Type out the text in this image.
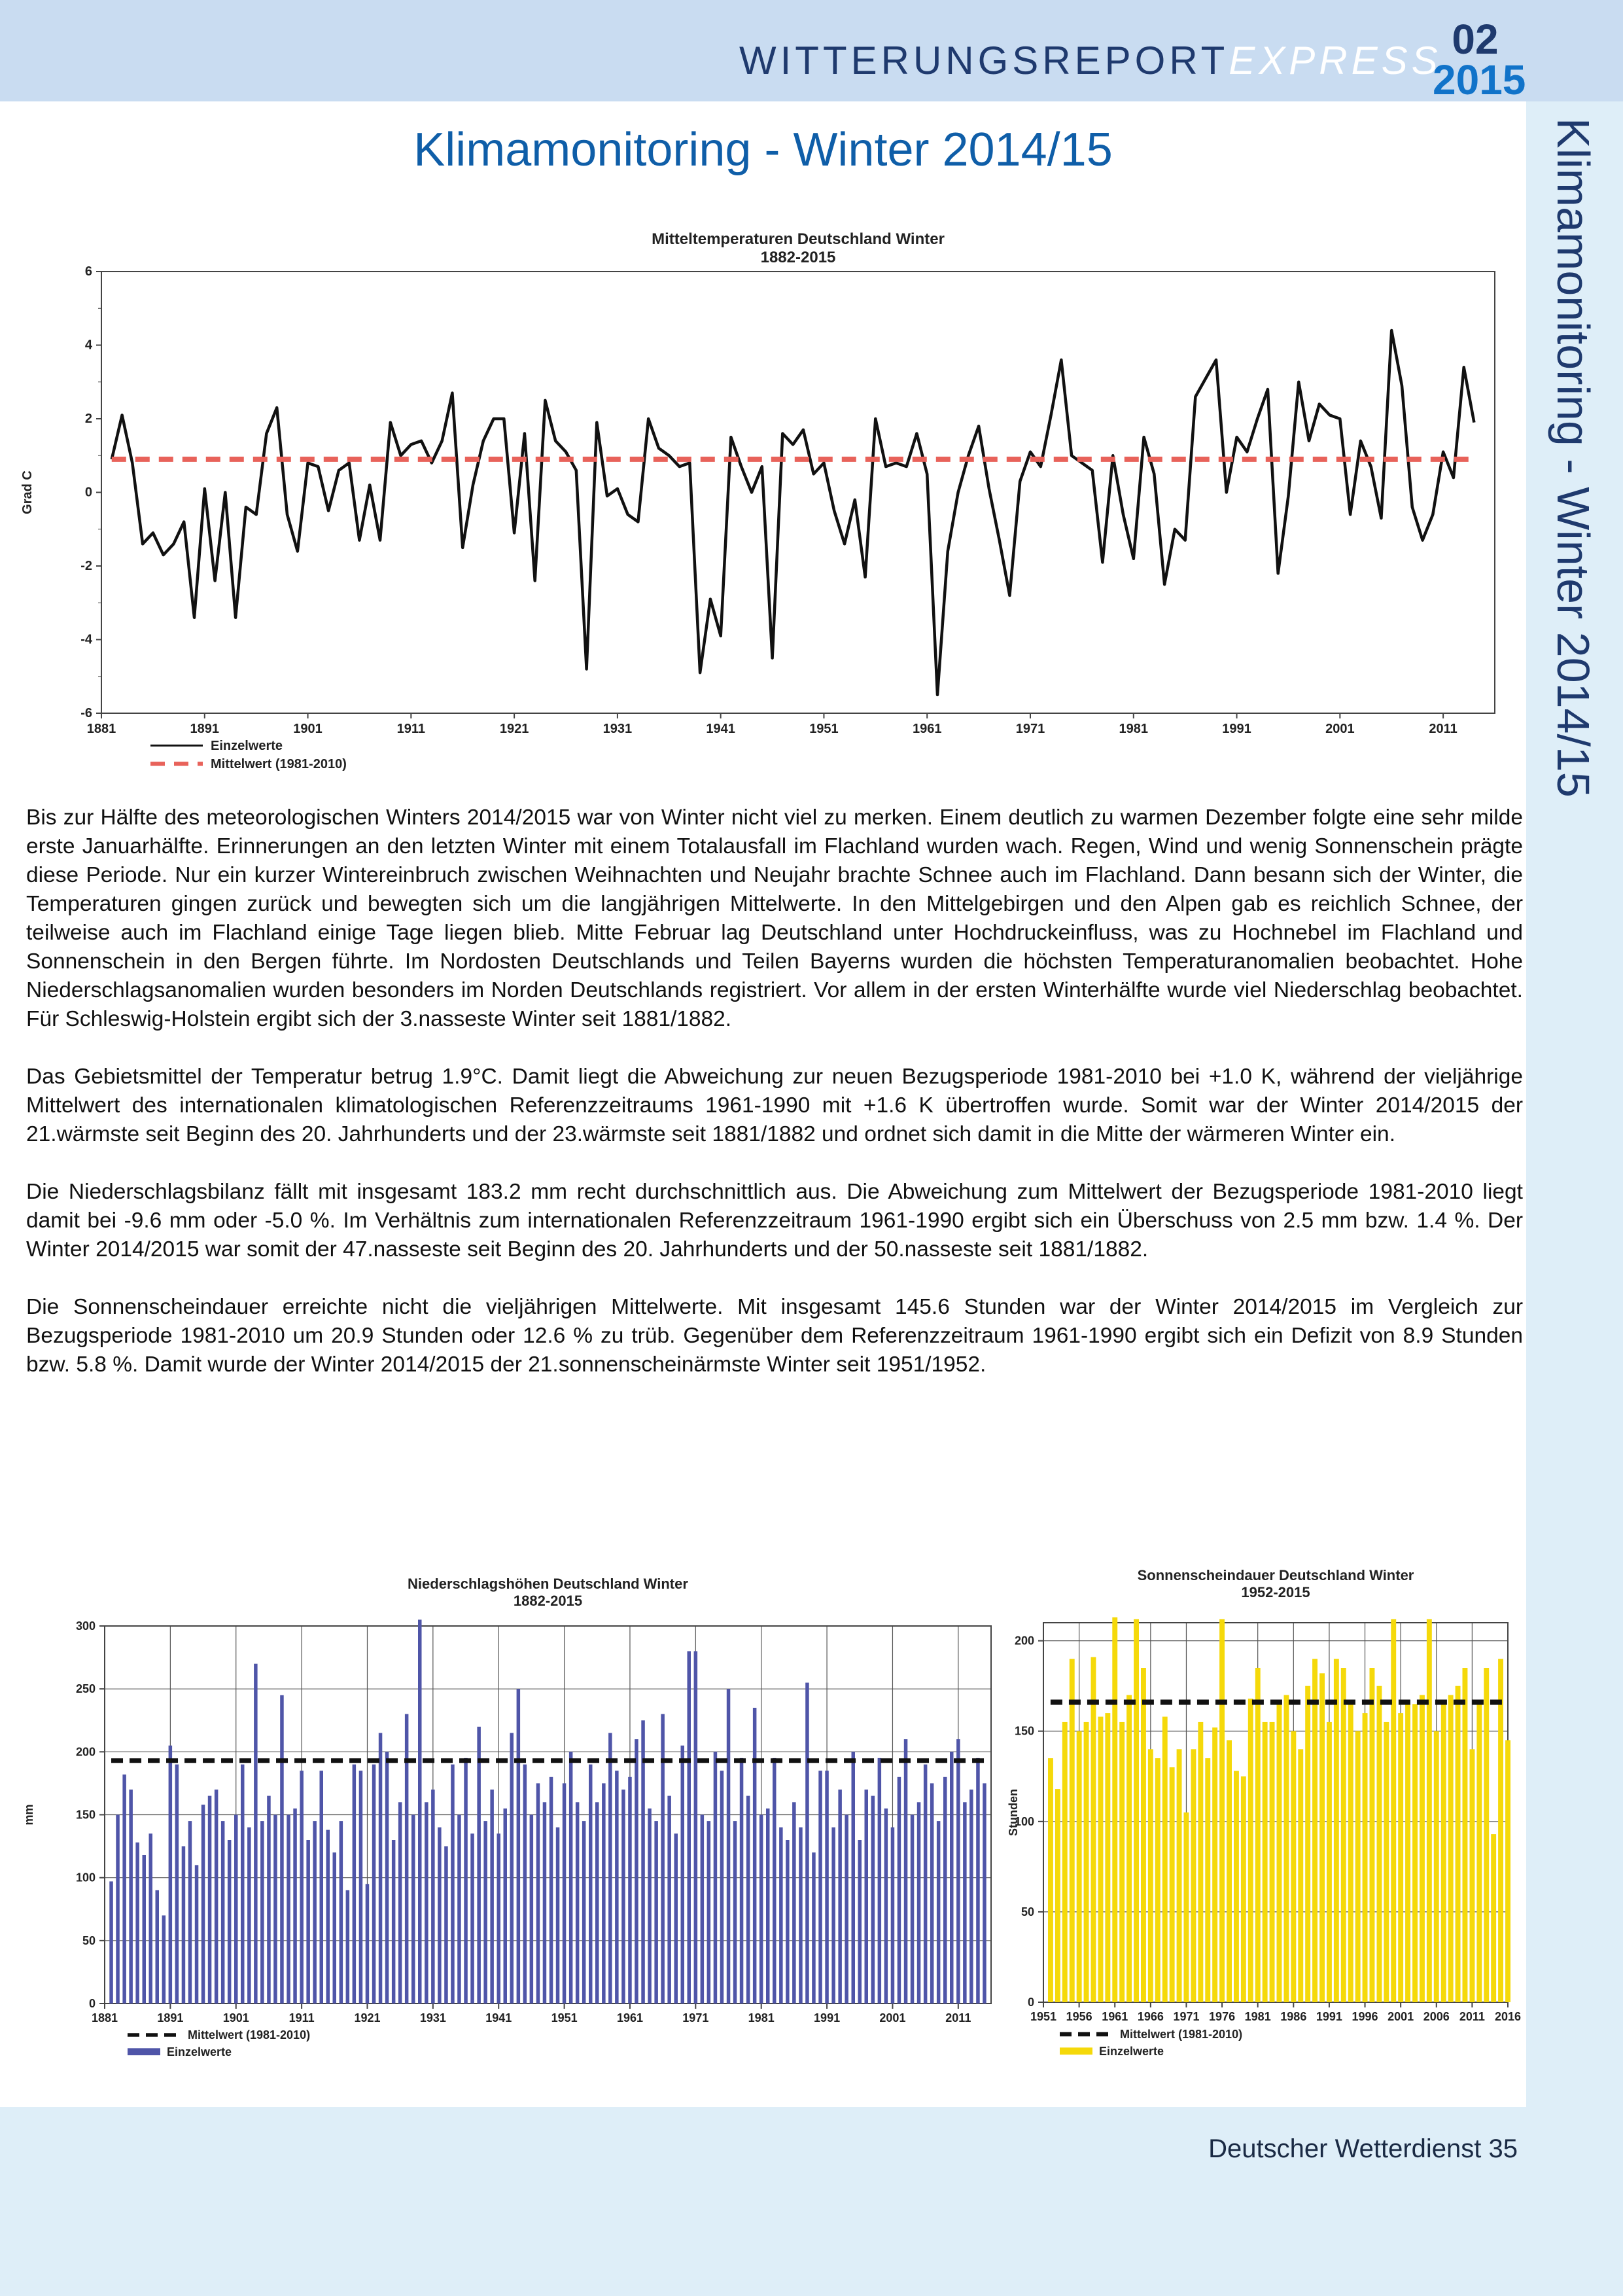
WITTERUNGSREPORTEXPRESS 02
2015
Klimamonitoring - Winter 2014/15	Klimamonitoring - Winter 2014/15
Mitteltemperaturen Deutschland Winter
1882-2015
-6
-4
-2
0
2
4
6
1881	1891	1901	1911	1921	1931	1941	1951	1961	1971	1981	1991	2001	2011
Grad C
Einzelwerte
Mittelwert (1981-2010)

Bis zur Hälfte des meteorologischen Winters 2014/2015 war von Winter nicht viel zu merken. Einem deutlich zu warmen Dezember folgte eine sehr milde erste Januarhälfte. Erinnerungen an den letzten Winter mit einem Totalausfall im Flachland wurden wach. Regen, Wind und wenig Sonnenschein prägte diese Periode. Nur ein kurzer Wintereinbruch zwischen Weihnachten und Neujahr brachte Schnee auch im Flachland. Dann besann sich der Winter, die Temperaturen gingen zurück und bewegten sich um die langjährigen Mittelwerte. In den Mittelgebirgen und den Alpen gab es reichlich Schnee, der teilweise auch im Flachland einige Tage liegen blieb. Mitte Februar lag Deutschland unter Hochdruckeinfluss, was zu Hochnebel im Flachland und Sonnenschein in den Bergen führte. Im Nordosten Deutschlands und Teilen Bayerns wurden die höchsten Temperaturanomalien beobachtet. Hohe Niederschlagsanomalien wurden besonders im Norden Deutschlands registriert. Vor allem in der ersten Winterhälfte wurde viel Niederschlag beobachtet. Für Schleswig-Holstein ergibt sich der 3.nasseste Winter seit 1881/1882.

Das Gebietsmittel der Temperatur betrug 1.9°C. Damit liegt die Abweichung zur neuen Bezugsperiode 1981-2010 bei +1.0 K, während der vieljährige Mittelwert des internationalen klimatologischen Referenzzeitraums 1961-1990 mit +1.6 K übertroffen wurde. Somit war der Winter 2014/2015 der 21.wärmste seit Beginn des 20. Jahrhunderts und der 23.wärmste seit 1881/1882 und ordnet sich damit in die Mitte der wärmeren Winter ein.

Die Niederschlagsbilanz fällt mit insgesamt 183.2 mm recht durchschnittlich aus. Die Abweichung zum Mittelwert der Bezugsperiode 1981-2010 liegt damit bei -9.6 mm oder -5.0 %. Im Verhältnis zum internationalen Referenzzeitraum 1961-1990 ergibt sich ein Überschuss von 2.5 mm bzw. 1.4 %. Der Winter 2014/2015 war somit der 47.nasseste seit Beginn des 20. Jahrhunderts und der 50.nasseste seit 1881/1882.

Die Sonnenscheindauer erreichte nicht die vieljährigen Mittelwerte. Mit insgesamt 145.6 Stunden war der Winter 2014/2015 im Vergleich zur Bezugsperiode 1981-2010 um 20.9 Stunden oder 12.6 % zu trüb. Gegenüber dem Referenzzeitraum 1961-1990 ergibt sich ein Defizit von 8.9 Stunden bzw. 5.8 %. Damit wurde der Winter 2014/2015 der 21.sonnenscheinärmste Winter seit 1951/1952.

Niederschlagshöhen Deutschland Winter
1882-2015
0
50
100
150
200
250
300
1881	1891	1901	1911	1921	1931	1941	1951	1961	1971	1981	1991	2001	2011
mm
Mittelwert (1981-2010)
Einzelwerte
Sonnenscheindauer Deutschland Winter
1952-2015
0
50
100
150
200
1951 1956 1961 1966 1971 1976 1981 1986 1991 1996 2001 2006 2011 2016
Stunden
Mittelwert (1981-2010)
Einzelwerte
Deutscher Wetterdienst 35
